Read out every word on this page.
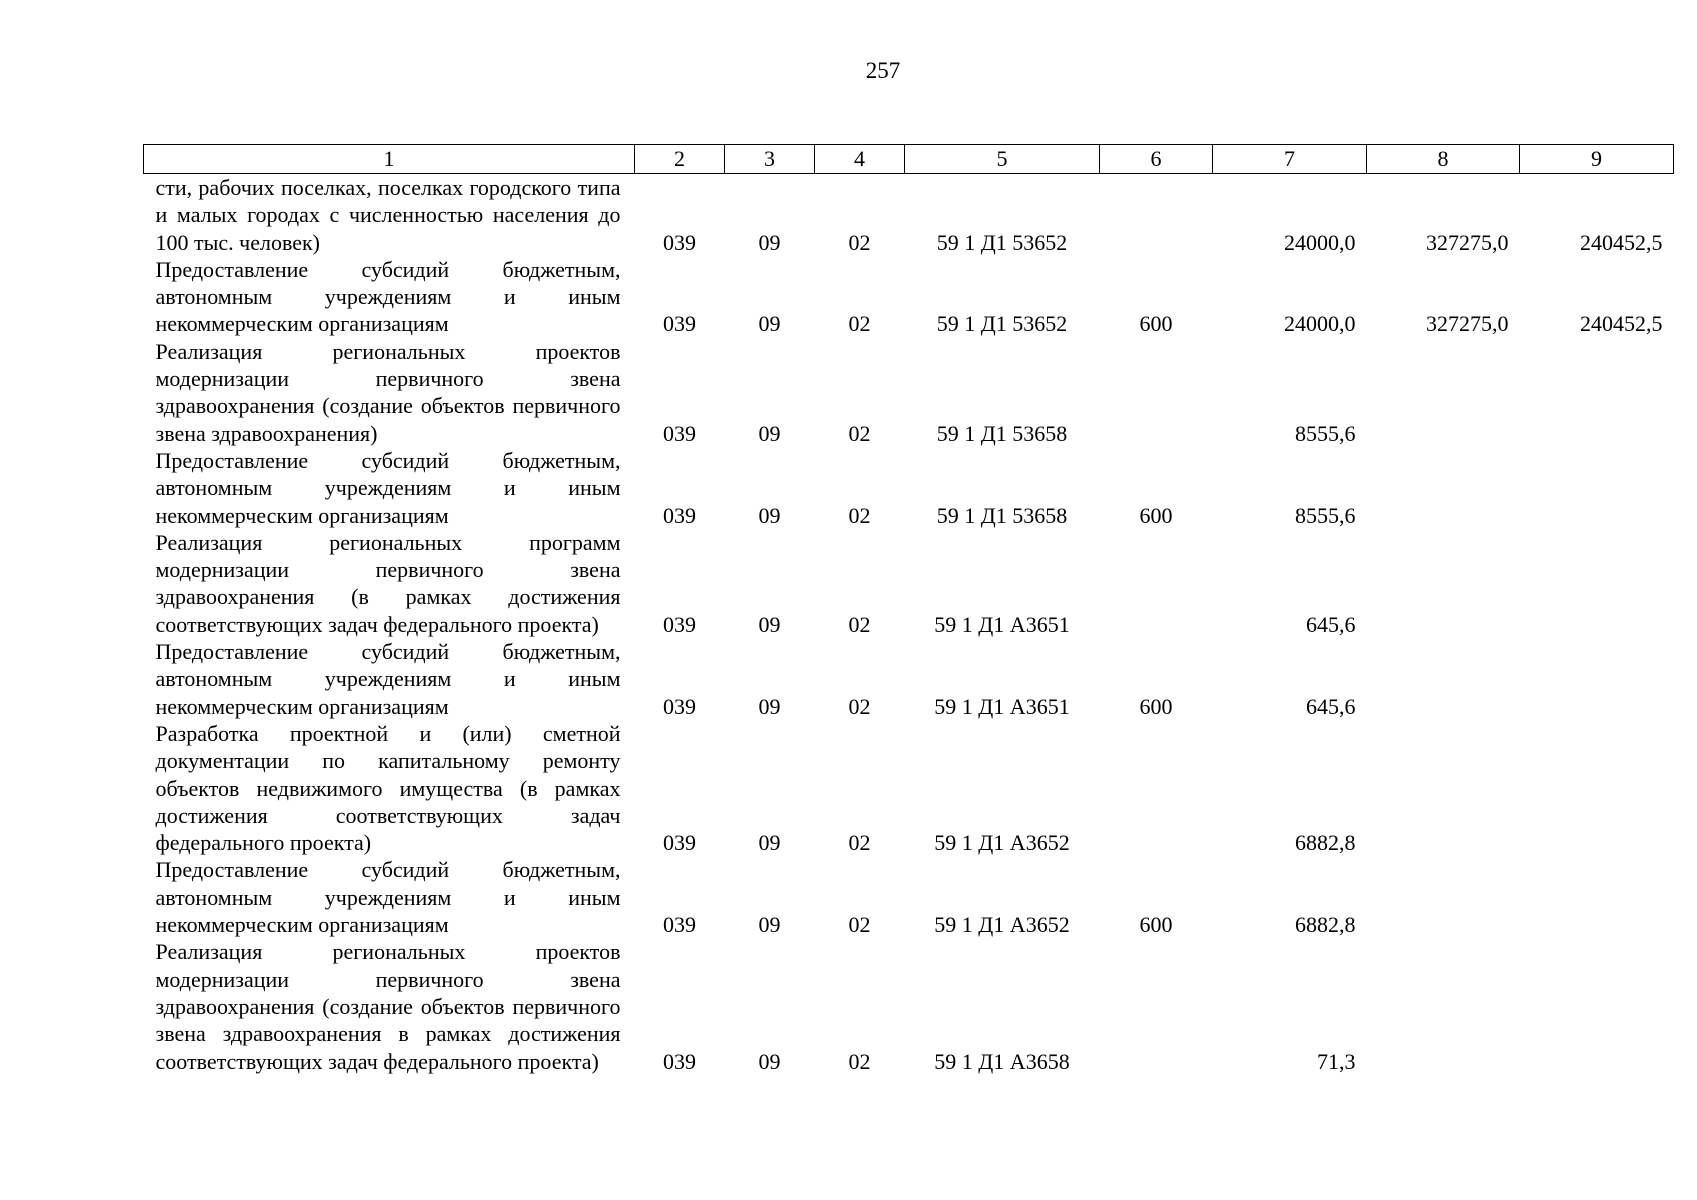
257
1	2	3	4	5	6	7	8	9
сти, рабочих поселках, поселках городского типа и малых городах с численностью населения до 100 тыс. человек)	039	09	02	59 1 Д1 53652		24000,0	327275,0	240452,5
Предоставление субсидий бюджетным, автономным учреждениям и иным некоммерческим организациям	039	09	02	59 1 Д1 53652	600	24000,0	327275,0	240452,5
Реализация региональных проектов модернизации первичного звена здравоохранения (создание объектов первичного звена здравоохранения)	039	09	02	59 1 Д1 53658		8555,6		
Предоставление субсидий бюджетным, автономным учреждениям и иным некоммерческим организациям	039	09	02	59 1 Д1 53658	600	8555,6		
Реализация региональных программ модернизации первичного звена здравоохранения (в рамках достижения соответствующих задач федерального проекта)	039	09	02	59 1 Д1 А3651		645,6		
Предоставление субсидий бюджетным, автономным учреждениям и иным некоммерческим организациям	039	09	02	59 1 Д1 А3651	600	645,6		
Разработка проектной и (или) сметной документации по капитальному ремонту объектов недвижимого имущества (в рамках достижения соответствующих задач федерального проекта)	039	09	02	59 1 Д1 А3652		6882,8		
Предоставление субсидий бюджетным, автономным учреждениям и иным некоммерческим организациям	039	09	02	59 1 Д1 А3652	600	6882,8		
Реализация региональных проектов модернизации первичного звена здравоохранения (создание объектов первичного звена здравоохранения в рамках достижения соответствующих задач федерального проекта)	039	09	02	59 1 Д1 А3658		71,3		
